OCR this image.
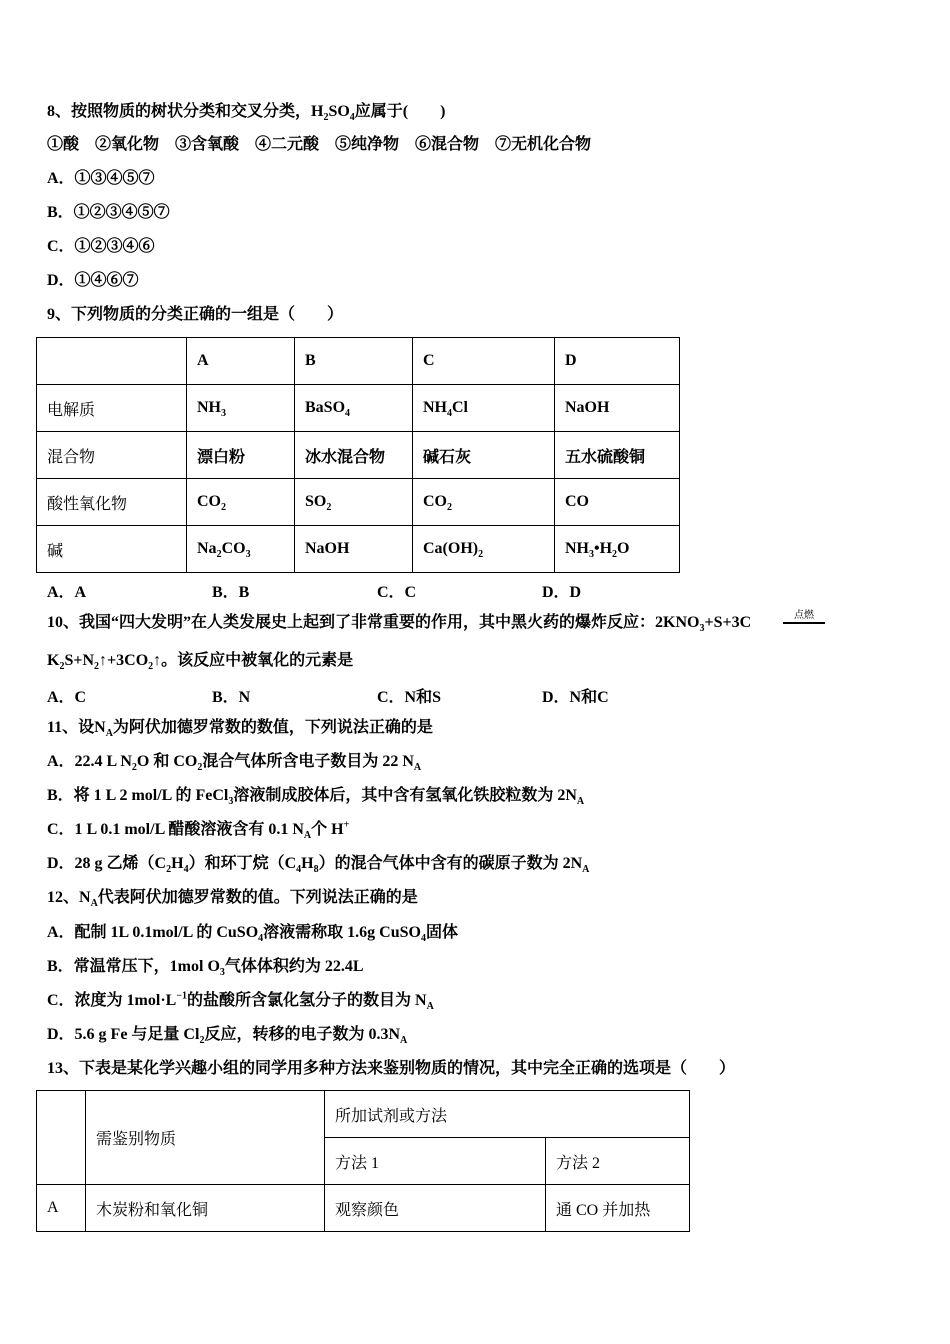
8、按照物质的树状分类和交叉分类，$H_2SO_4$应属于(　　)
①酸　②氧化物　③含氧酸　④二元酸　⑤纯净物　⑥混合物　⑦无机化合物
A．①③④⑤⑦
B．①②③④⑤⑦
C．①②③④⑥
D．①④⑥⑦
9、下列物质的分类正确的一组是（　　）
10、我国“四大发明”在人类发展史上起到了非常重要的作用，其中黑火药的爆炸反应：$2KNO_3+S+3C$
$K_2S+N_2↑+3CO_2↑$。该反应中被氧化的元素是
11、设$N_A$为阿伏加德罗常数的数值，下列说法正确的是
A．22.4 L $N_2O$ 和 $CO_2$混合气体所含电子数目为 22 $N_A$
B．将 1 L 2 mol/L 的 FeCl$_3$溶液制成胶体后，其中含有氢氧化铁胶粒数为 $2N_A$
C．1 L 0.1 mol/L 醋酸溶液含有 0.1 $N_A$个 H+
D．28 g 乙烯$(C_2H_4)$和环丁烷$(C_4H_8)$的混合气体中含有的碳原子数为 $2N_A$
12、$N_A$代表阿伏加德罗常数的值。下列说法正确的是
A．配制 1L 0.1mol/L 的 CuSO$_4$溶液需称取 1.6g CuSO$_4$固体
B．常温常压下，1mol $O_3$气体体积约为 22.4L
C．浓度为 $1mol\cdot L^{-1}$的盐酸所含氯化氢分子的数目为 $N_A$
D．5.6 g Fe 与足量 $Cl_2$反应，转移的电子数为 $0.3N_A$
13、下表是某化学兴趣小组的同学用多种方法来鉴别物质的情况，其中完全正确的选项是（　　）
点燃
	A	B	C	D
电解质	$NH_3$	BaSO$_4$	$NH_4Cl$	NaOH
混合物	漂白粉	冰水混合物	碱石灰	五水硫酸铜
酸性氧化物	$CO_2$	$SO_2$	$CO_2$	CO
碱	$Na_2CO_3$	NaOH	$Ca(OH)_2$	$NH_3•H_2O$
A．A	B．B	C．C	D．D
A．C	B．N	C．N和S	D．N和C
	需鉴别物质	所加试剂或方法	
		方法 1	方法 2
A	木炭粉和氧化铜	观察颜色	通 CO 并加热
